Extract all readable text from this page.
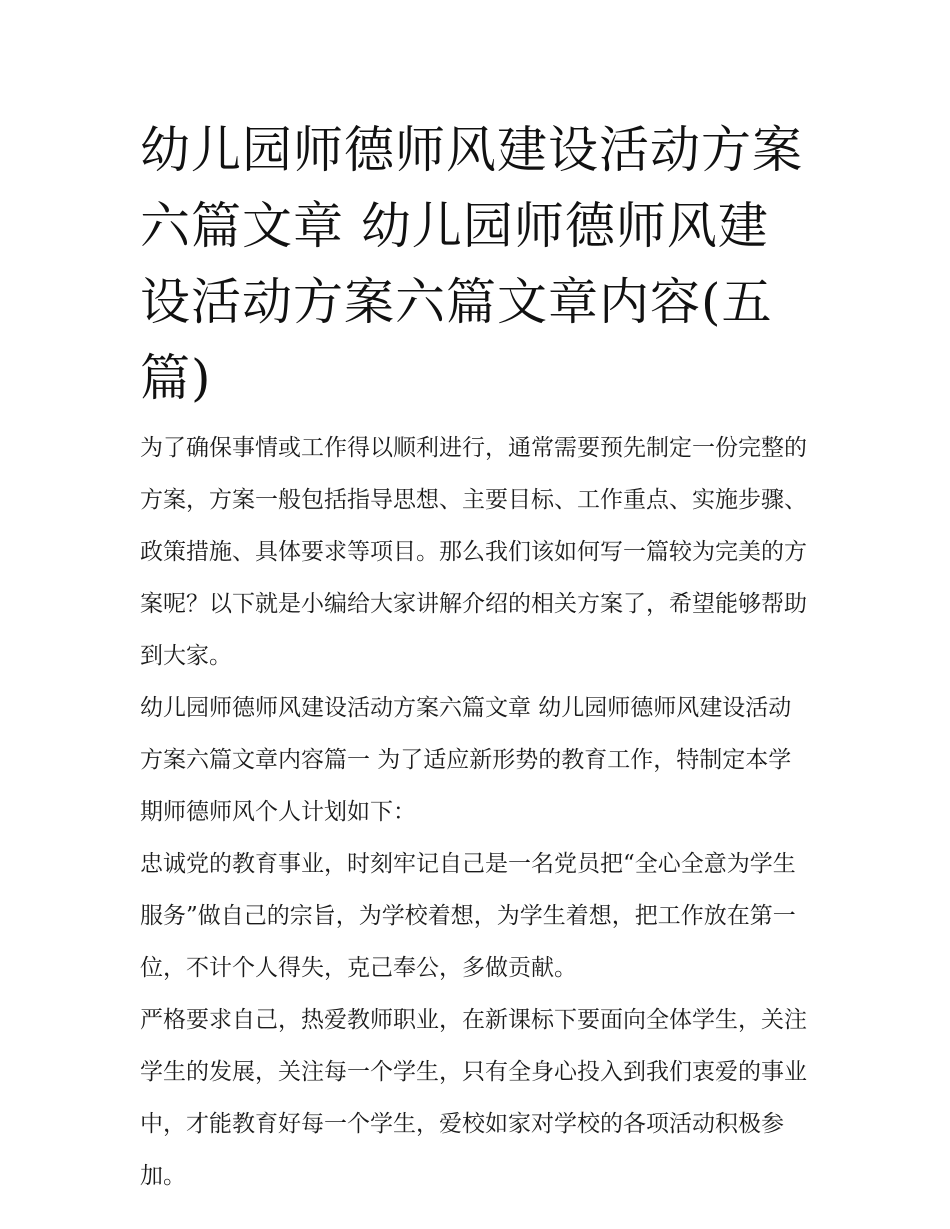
幼儿园师德师风建设活动方案六篇文章 幼儿园师德师风建设活动方案六篇文章内容(五篇)

为了确保事情或工作得以顺利进行，通常需要预先制定一份完整的方案，方案一般包括指导思想、主要目标、工作重点、实施步骤、政策措施、具体要求等项目。那么我们该如何写一篇较为完美的方案呢？以下就是小编给大家讲解介绍的相关方案了，希望能够帮助到大家。

幼儿园师德师风建设活动方案六篇文章 幼儿园师德师风建设活动方案六篇文章内容篇一 为了适应新形势的教育工作，特制定本学期师德师风个人计划如下：

忠诚党的教育事业，时刻牢记自己是一名党员把“全心全意为学生服务”做自己的宗旨，为学校着想，为学生着想，把工作放在第一位，不计个人得失，克己奉公，多做贡献。

严格要求自己，热爱教师职业，在新课标下要面向全体学生，关注学生的发展，关注每一个学生，只有全身心投入到我们衷爱的事业中，才能教育好每一个学生，爱校如家对学校的各项活动积极参加。
